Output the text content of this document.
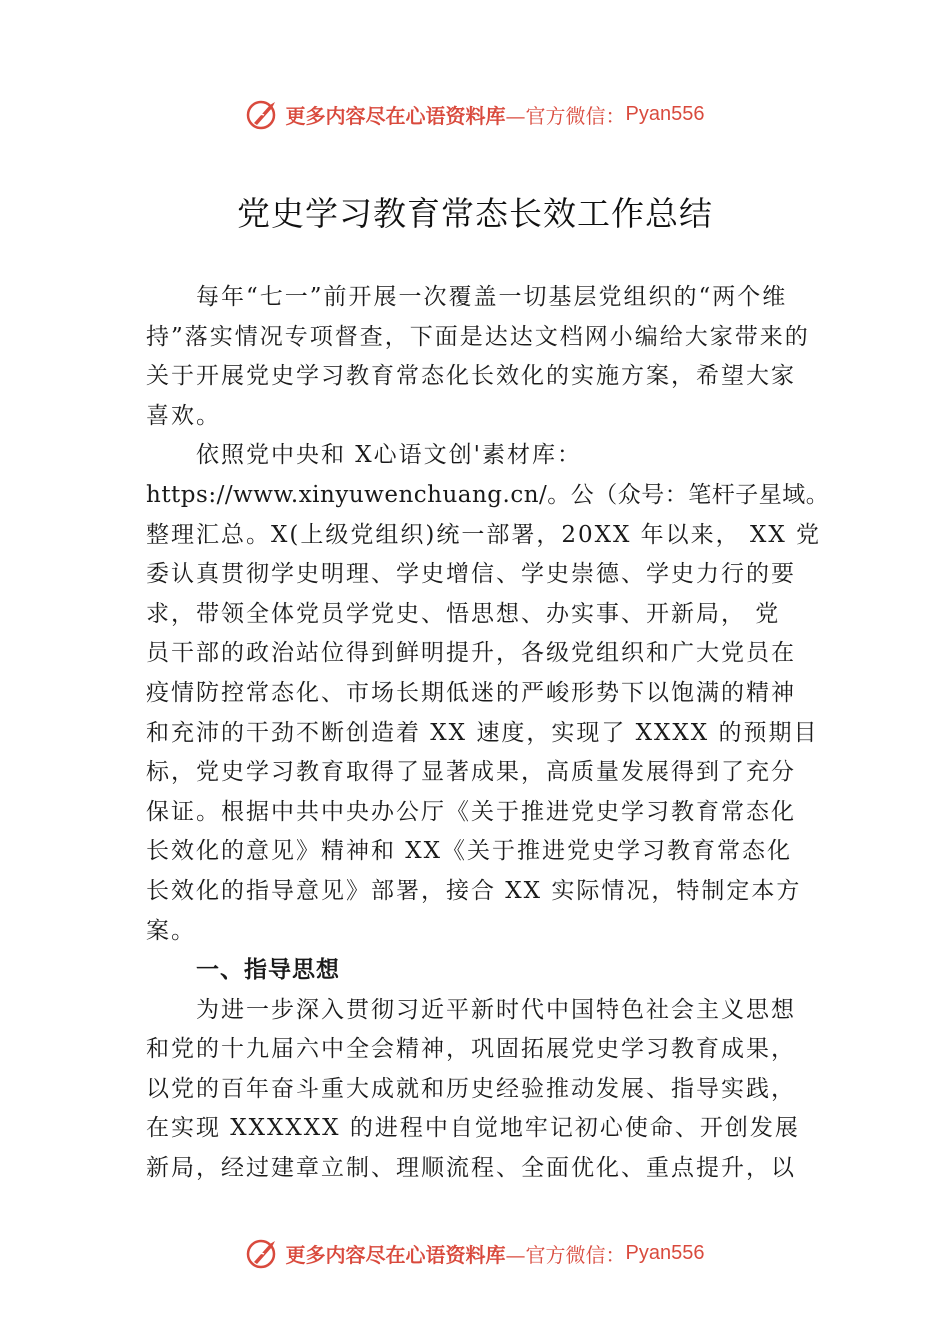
更多内容尽在心语资料库 —官方微信： Pyan556
党史学习教育常态长效工作总结
每年“七一”前开展一次覆盖一切基层党组织的“两个维
持”落实情况专项督查，下面是达达文档网小编给大家带来的
关于开展党史学习教育常态化长效化的实施方案，希望大家
喜欢。
依照党中央和 X心语文创'素材库：
https://www.xinyuwenchuang.cn/。公（众号：笔杆子星域。
整理汇总。X(上级党组织)统一部署，20XX 年以来， XX 党
委认真贯彻学史明理、学史增信、学史崇德、学史力行的要
求，带领全体党员学党史、悟思想、办实事、开新局， 党
员干部的政治站位得到鲜明提升，各级党组织和广大党员在
疫情防控常态化、市场长期低迷的严峻形势下以饱满的精神
和充沛的干劲不断创造着 XX 速度，实现了 XXXX 的预期目
标，党史学习教育取得了显著成果，高质量发展得到了充分
保证。根据中共中央办公厅《关于推进党史学习教育常态化
长效化的意见》精神和 XX《关于推进党史学习教育常态化
长效化的指导意见》部署，接合 XX 实际情况，特制定本方
案。
一、指导思想
为进一步深入贯彻习近平新时代中国特色社会主义思想
和党的十九届六中全会精神，巩固拓展党史学习教育成果，
以党的百年奋斗重大成就和历史经验推动发展、指导实践，
在实现 XXXXXX 的进程中自觉地牢记初心使命、开创发展
新局，经过建章立制、理顺流程、全面优化、重点提升，以
更多内容尽在心语资料库 —官方微信： Pyan556
